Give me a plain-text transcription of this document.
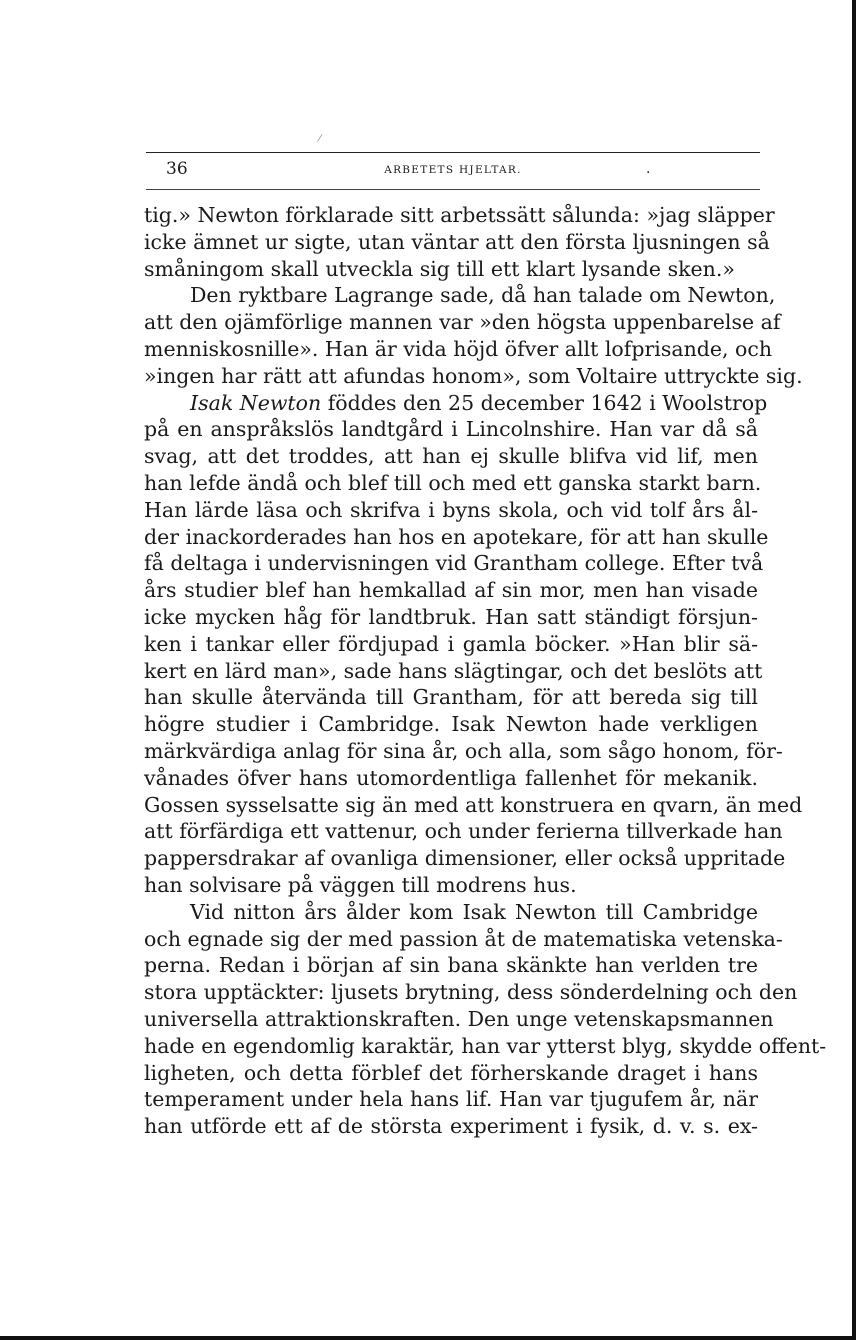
/
36	ARBETETS HJELTAR.	.
tig.» Newton förklarade sitt arbetssätt sålunda: »jag släpper
icke ämnet ur sigte, utan väntar att den första ljusningen så
småningom skall utveckla sig till ett klart lysande sken.»
Den ryktbare Lagrange sade, då han talade om Newton,
att den ojämförlige mannen var »den högsta uppenbarelse af
menniskosnille». Han är vida höjd öfver allt lofprisande, och
»ingen har rätt att afundas honom», som Voltaire uttryckte sig.
Isak Newton föddes den 25 december 1642 i Woolstrop
på en anspråkslös landtgård i Lincolnshire. Han var då så
svag, att det troddes, att han ej skulle blifva vid lif, men
han lefde ändå och blef till och med ett ganska starkt barn.
Han lärde läsa och skrifva i byns skola, och vid tolf års ål-
der inackorderades han hos en apotekare, för att han skulle
få deltaga i undervisningen vid Grantham college. Efter två
års studier blef han hemkallad af sin mor, men han visade
icke mycken håg för landtbruk. Han satt ständigt försjun-
ken i tankar eller fördjupad i gamla böcker. »Han blir sä-
kert en lärd man», sade hans slägtingar, och det beslöts att
han skulle återvända till Grantham, för att bereda sig till
högre studier i Cambridge. Isak Newton hade verkligen
märkvärdiga anlag för sina år, och alla, som sågo honom, för-
vånades öfver hans utomordentliga fallenhet för mekanik.
Gossen sysselsatte sig än med att konstruera en qvarn, än med
att förfärdiga ett vattenur, och under ferierna tillverkade han
pappersdrakar af ovanliga dimensioner, eller också uppritade
han solvisare på väggen till modrens hus.
Vid nitton års ålder kom Isak Newton till Cambridge
och egnade sig der med passion åt de matematiska vetenska-
perna. Redan i början af sin bana skänkte han verlden tre
stora upptäckter: ljusets brytning, dess sönderdelning och den
universella attraktionskraften. Den unge vetenskapsmannen
hade en egendomlig karaktär, han var ytterst blyg, skydde offent-
ligheten, och detta förblef det förherskande draget i hans
temperament under hela hans lif. Han var tjugufem år, när
han utförde ett af de största experiment i fysik, d. v. s. ex-
